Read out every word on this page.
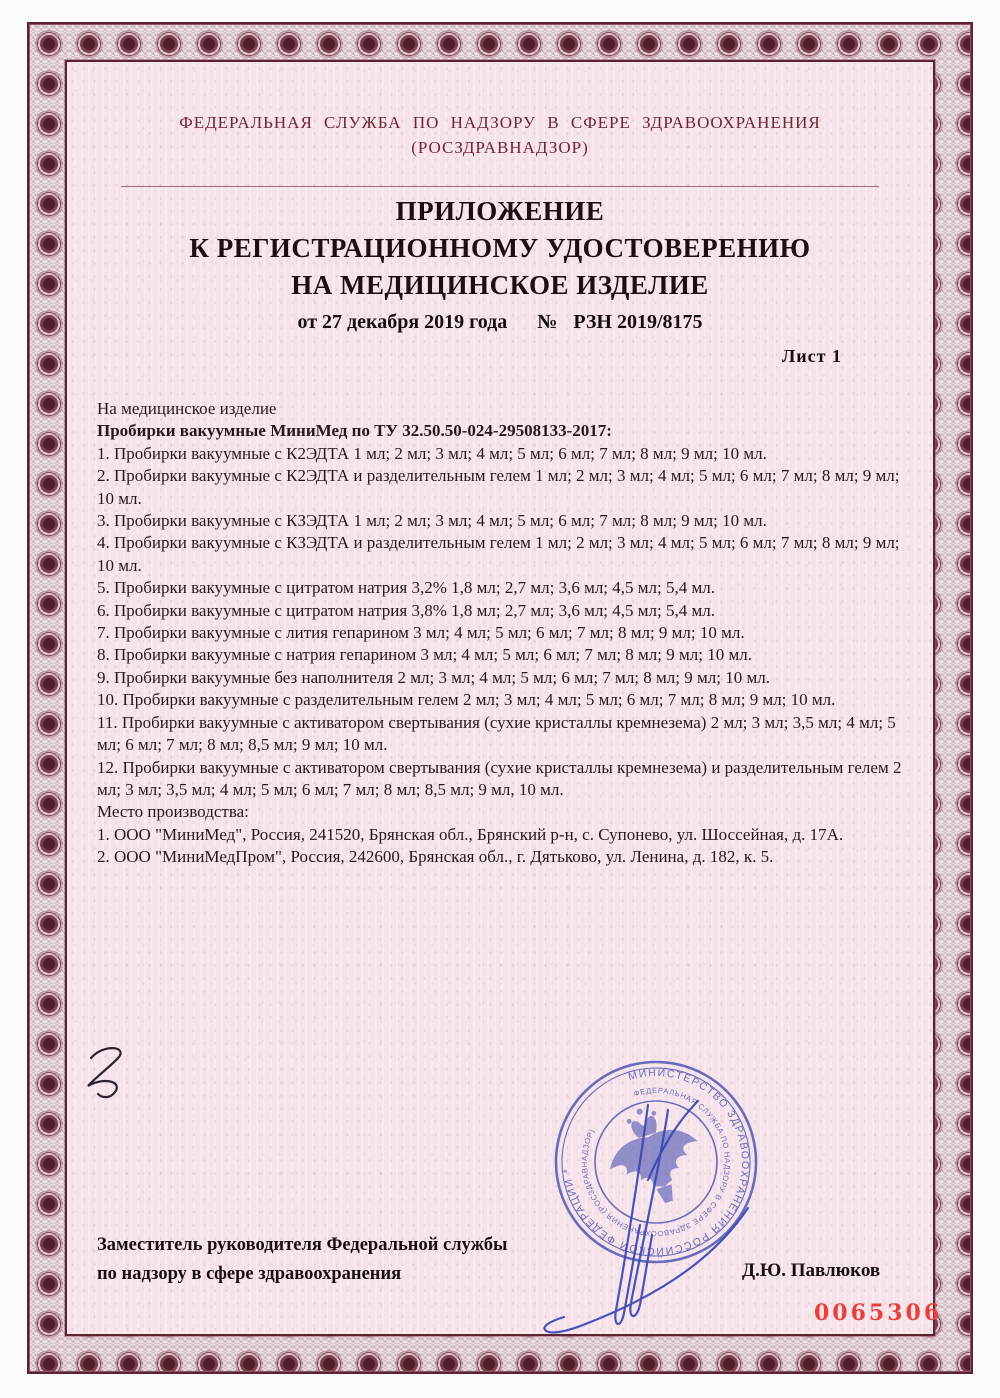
ФЕДЕРАЛЬНАЯ СЛУЖБА ПО НАДЗОРУ В СФЕРЕ ЗДРАВООХРАНЕНИЯ
(РОСЗДРАВНАДЗОР)
ПРИЛОЖЕНИЕ
К РЕГИСТРАЦИОННОМУ УДОСТОВЕРЕНИЮ
НА МЕДИЦИНСКОЕ ИЗДЕЛИЕ
от 27 декабря 2019 года № РЗН 2019/8175
Лист 1

На медицинское изделие

Пробирки вакуумные МиниМед по ТУ 32.50.50-024-29508133-2017:

1. Пробирки вакуумные с К2ЭДТА 1 мл; 2 мл; 3 мл; 4 мл; 5 мл; 6 мл; 7 мл; 8 мл; 9 мл; 10 мл.

2. Пробирки вакуумные с К2ЭДТА и разделительным гелем 1 мл; 2 мл; 3 мл; 4 мл; 5 мл; 6 мл; 7 мл; 8 мл; 9 мл; 10 мл.

3. Пробирки вакуумные с КЗЭДТА 1 мл; 2 мл; 3 мл; 4 мл; 5 мл; 6 мл; 7 мл; 8 мл; 9 мл; 10 мл.

4. Пробирки вакуумные с КЗЭДТА и разделительным гелем 1 мл; 2 мл; 3 мл; 4 мл; 5 мл; 6 мл; 7 мл; 8 мл; 9 мл; 10 мл.

5. Пробирки вакуумные с цитратом натрия 3,2% 1,8 мл; 2,7 мл; 3,6 мл; 4,5 мл; 5,4 мл.

6. Пробирки вакуумные с цитратом натрия 3,8% 1,8 мл; 2,7 мл; 3,6 мл; 4,5 мл; 5,4 мл.

7. Пробирки вакуумные с лития гепарином 3 мл; 4 мл; 5 мл; 6 мл; 7 мл; 8 мл; 9 мл; 10 мл.

8. Пробирки вакуумные с натрия гепарином 3 мл; 4 мл; 5 мл; 6 мл; 7 мл; 8 мл; 9 мл; 10 мл.

9. Пробирки вакуумные без наполнителя 2 мл; 3 мл; 4 мл; 5 мл; 6 мл; 7 мл; 8 мл; 9 мл; 10 мл.

10. Пробирки вакуумные с разделительным гелем 2 мл; 3 мл; 4 мл; 5 мл; 6 мл; 7 мл; 8 мл; 9 мл; 10 мл.

11. Пробирки вакуумные с активатором свертывания (сухие кристаллы кремнезема) 2 мл; 3 мл; 3,5 мл; 4 мл; 5 мл; 6 мл; 7 мл; 8 мл; 8,5 мл; 9 мл; 10 мл.

12. Пробирки вакуумные с активатором свертывания (сухие кристаллы кремнезема) и разделительным гелем 2 мл; 3 мл; 3,5 мл; 4 мл; 5 мл; 6 мл; 7 мл; 8 мл; 8,5 мл; 9 мл, 10 мл.

Место производства:

1. ООО "МиниМед", Россия, 241520, Брянская обл., Брянский р-н, с. Супонево, ул. Шоссейная, д. 17А.

2. ООО "МиниМедПром", Россия, 242600, Брянская обл., г. Дятьково, ул. Ленина, д. 182, к. 5.

МИНИСТЕРСТВО ЗДРАВООХРАНЕНИЯ РОССИЙСКОЙ ФЕДЕРАЦИИ *
ФЕДЕРАЛЬНАЯ СЛУЖБА ПО НАДЗОРУ В СФЕРЕ ЗДРАВООХРАНЕНИЯ (РОСЗДРАВНАДЗОР)
Заместитель руководителя Федеральной службы
по надзору в сфере здравоохранения	Д.Ю. Павлюков
0065306
